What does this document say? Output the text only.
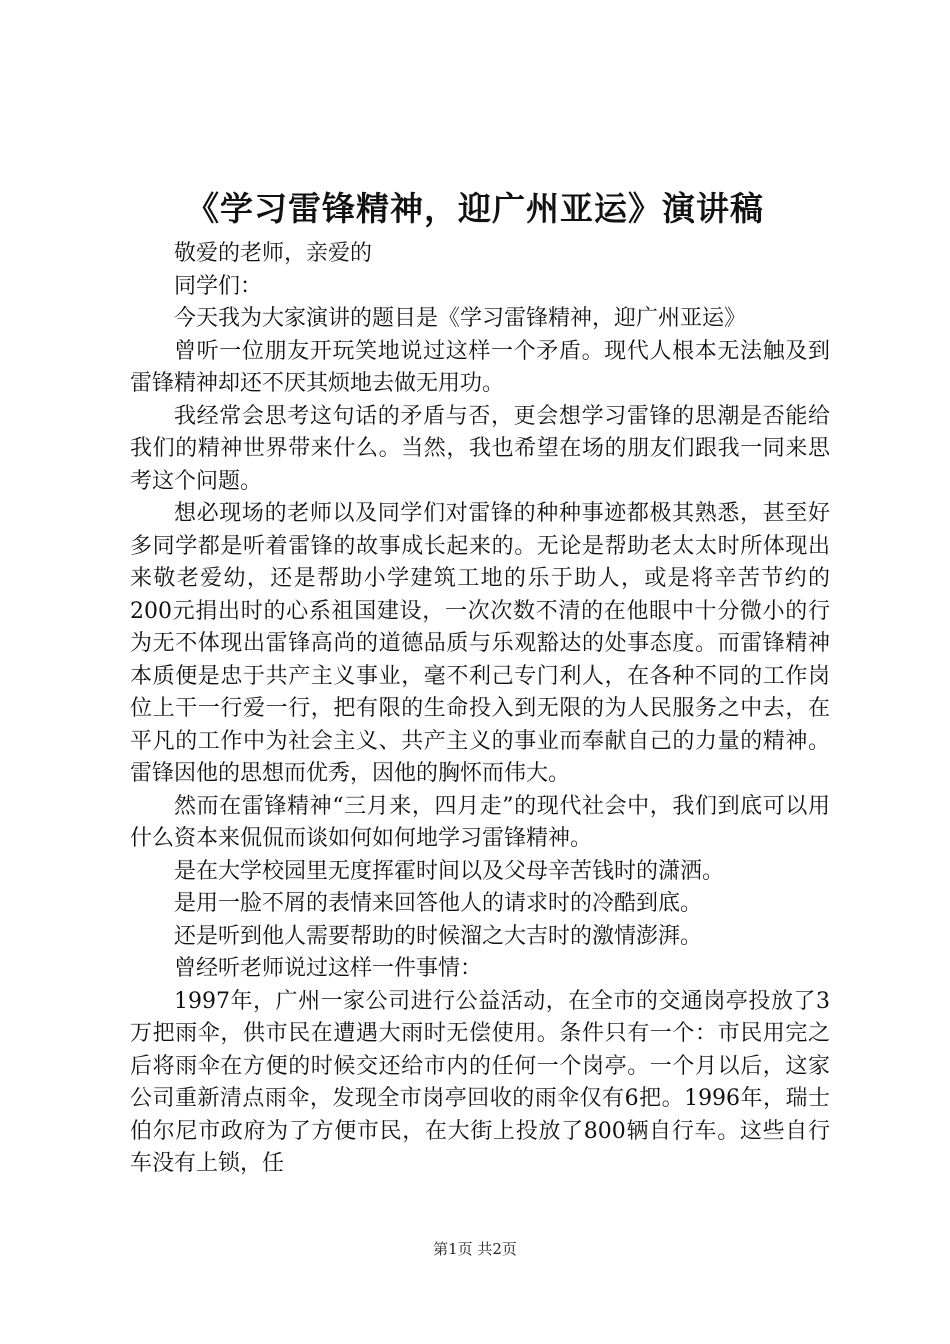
《学习雷锋精神，迎广州亚运》演讲稿

敬爱的老师，亲爱的

同学们：

今天我为大家演讲的题目是《学习雷锋精神，迎广州亚运》

曾听一位朋友开玩笑地说过这样一个矛盾。现代人根本无法触及到雷锋精神却还不厌其烦地去做无用功。

我经常会思考这句话的矛盾与否，更会想学习雷锋的思潮是否能给我们的精神世界带来什么。当然，我也希望在场的朋友们跟我一同来思考这个问题。

想必现场的老师以及同学们对雷锋的种种事迹都极其熟悉，甚至好多同学都是听着雷锋的故事成长起来的。无论是帮助老太太时所体现出来敬老爱幼，还是帮助小学建筑工地的乐于助人，或是将辛苦节约的200元捐出时的心系祖国建设，一次次数不清的在他眼中十分微小的行为无不体现出雷锋高尚的道德品质与乐观豁达的处事态度。而雷锋精神本质便是忠于共产主义事业，毫不利己专门利人，在各种不同的工作岗位上干一行爱一行，把有限的生命投入到无限的为人民服务之中去，在平凡的工作中为社会主义、共产主义的事业而奉献自己的力量的精神。雷锋因他的思想而优秀，因他的胸怀而伟大。

然而在雷锋精神“三月来，四月走”的现代社会中，我们到底可以用什么资本来侃侃而谈如何如何地学习雷锋精神。

是在大学校园里无度挥霍时间以及父母辛苦钱时的潇洒。

是用一脸不屑的表情来回答他人的请求时的冷酷到底。

还是听到他人需要帮助的时候溜之大吉时的激情澎湃。

曾经听老师说过这样一件事情：

1997年，广州一家公司进行公益活动，在全市的交通岗亭投放了3万把雨伞，供市民在遭遇大雨时无偿使用。条件只有一个：市民用完之后将雨伞在方便的时候交还给市内的任何一个岗亭。一个月以后，这家公司重新清点雨伞，发现全市岗亭回收的雨伞仅有6把。1996年，瑞士伯尔尼市政府为了方便市民，在大街上投放了800辆自行车。这些自行车没有上锁，任

第1页 共2页
